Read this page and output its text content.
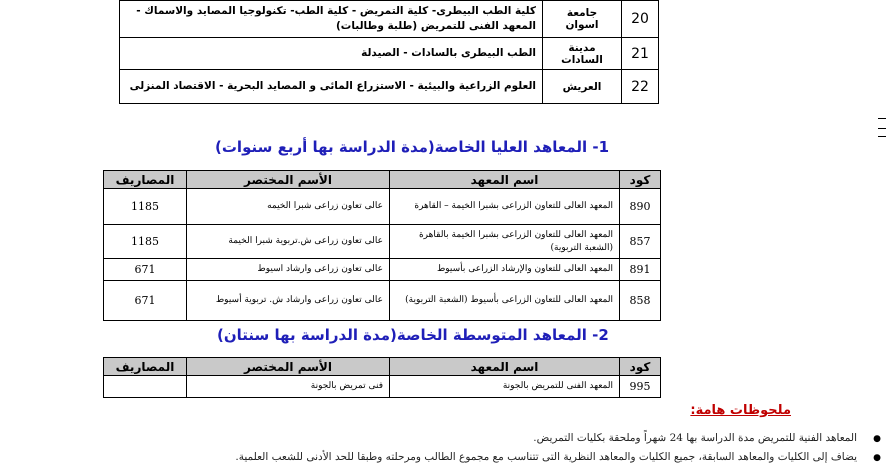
كلية الطب البيطرى- كلية التمريض - كلية الطب- تكنولوجيا المصايد والاسماك - المعهد الفنى للتمريض (طلبة وطالبات)	جامعة اسوان	20
الطب البيطرى بالسادات - الصيدلة	مدينة السادات	21
العلوم الزراعية والبيئية - الاستزراع المائى و المصايد البحرية - الاقتصاد المنزلى	العريش	22
1- المعاهد العليا الخاصة(مدة الدراسة بها أربع سنوات)
المصاريف	الأسم المختصر	اسم المعهد	كود
1185	عالى تعاون زراعى شبرا الخيمه	المعهد العالى للتعاون الزراعى بشبرا الخيمة – القاهرة	890
1185	عالى تعاون زراعى ش.تربوية شبرا الخيمة	المعهد العالى للتعاون الزراعى بشبرا الخيمة بالقاهرة (الشعبة التربوية)	857
671	عالى تعاون زراعى وارشاد اسيوط	المعهد العالى للتعاون والإرشاد الزراعى بأسيوط	891
671	عالى تعاون زراعى وارشاد ش. تربوية أسيوط	المعهد العالى للتعاون الزراعى بأسيوط (الشعبة التربوية)	858
2- المعاهد المتوسطة الخاصة(مدة الدراسة بها سنتان)
المصاريف	الأسم المختصر	اسم المعهد	كود
	فنى تمريض بالجونة	المعهد الفنى للتمريض بالجونة	995
ملحوظات هامة:
المعاهد الفنية للتمريض مدة الدراسة بها 24 شهراً وملحقة بكليات التمريض. ●
يضاف إلى الكليات والمعاهد السابقة، جميع الكليات والمعاهد النظرية التى تتناسب مع مجموع الطالب ومرحلته وطبقا للحد الأدنى للشعب العلمية. ●
